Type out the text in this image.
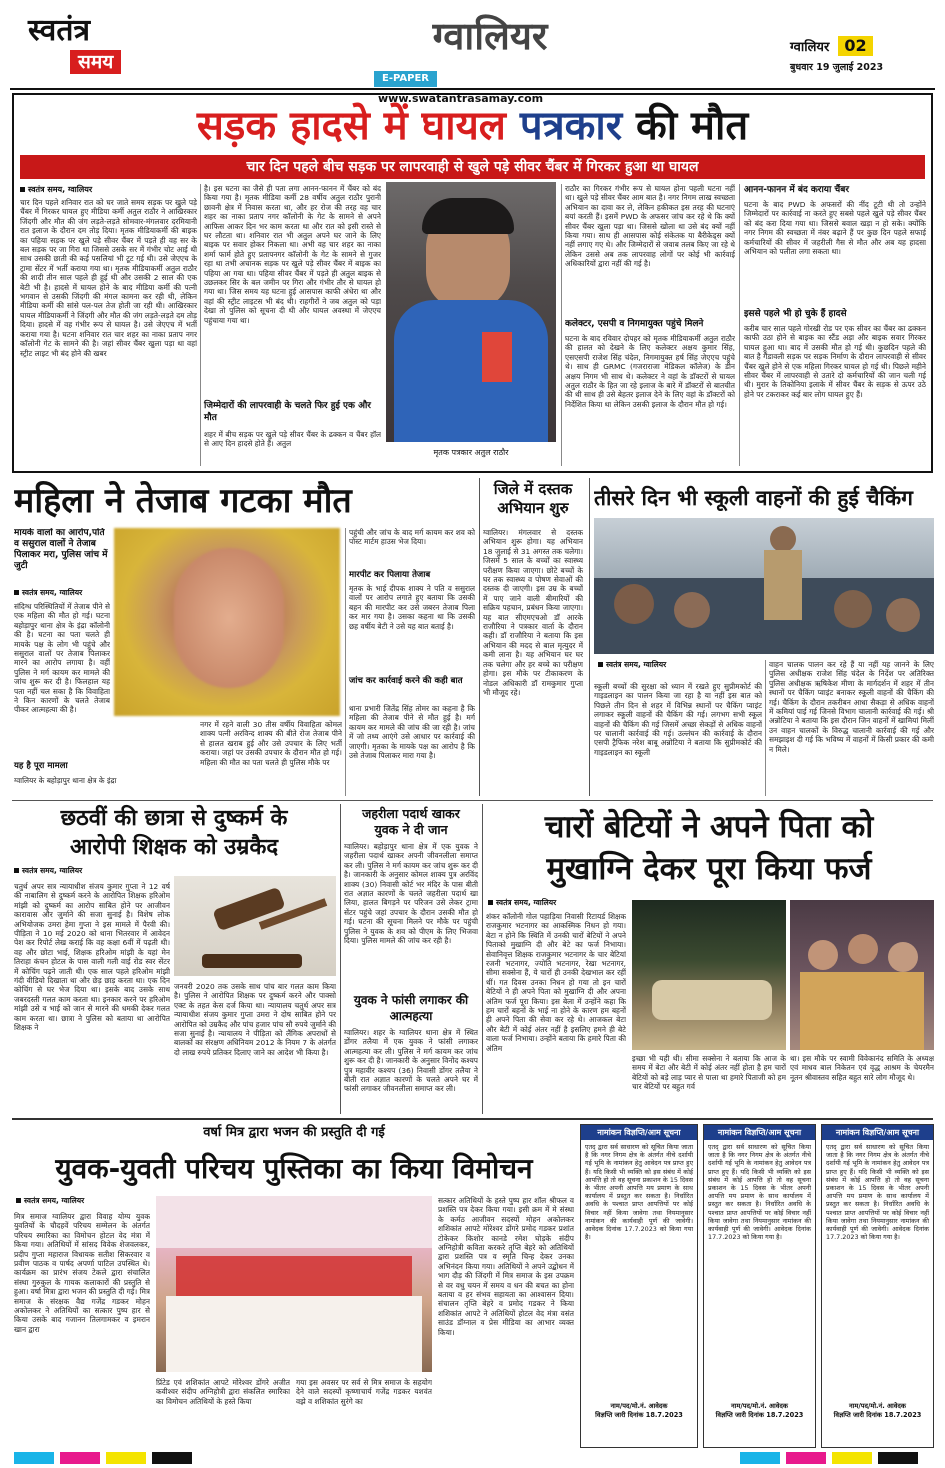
स्वतंत्र
समय
ग्वालियर
E-PAPER www.swatantrasamay.com
ग्वालियर 02
बुधवार 19 जुलाई 2023
सड़क हादसे में घायल पत्रकार की मौत
चार दिन पहले बीच सड़क पर लापरवाही से खुले पड़े सीवर चैंबर में गिरकर हुआ था घायल
स्वतंत्र समय, ग्वालियर
चार दिन पहले शनिवार रात को घर जाते समय सड़क पर खुले पड़े चैंबर में गिरकर घायल हुए मीडिया कर्मी अतुल राठौर ने आखिरकार जिंदगी और मौत की जंग लड़ते-लड़ते सोमवार-मंगलवार दरमियानी रात इलाज के दौरान दम तोड़ दिया। मृतक मीडियाकर्मी की बाइक का पहिया सड़क पर खुले पड़े सीवर चैंबर में पड़ते ही वह सर के बल सड़क पर जा गिरा था जिससे उसके सर में गंभीर चोट आई थी साथ उसकी छाती की कई पसलियां भी टूट गई थी। उसे जेएएच के ट्रामा सेंटर में भर्ती कराया गया था। मृतक मीडियाकर्मी अतुल राठौर की शादी तीन साल पहले ही हुई थी और उसकी 2 साल की एक बेटी भी है। हादसे में घायल होने के बाद मीडिया कर्मी की पत्नी भगवान से उसकी जिंदगी की मंगल कामना कर रही थी, लेकिन मीडिया कर्मी की सांसे पल-पल तेज होती जा रही थी। आखिरकार घायल मीडियाकर्मी ने जिंदगी और मौत की जंग लड़ते-लड़ते दम तोड़ दिया। हादसे में वह गंभीर रूप से घायल है। उसे जेएएच में भर्ती कराया गया है। घटना शनिवार रात चार शहर का नाका प्रताप नगर कॉलोनी गेट के सामने की है। जहां सीवर चैंबर खुला पड़ा था वहां स्ट्रीट लाइट भी बंद होने की खबर
है। इस घटना का जैसे ही पता लगा आनन-फानन में चैंबर को बंद किया गया है। मृतक मीडिया कर्मी 28 वर्षीय अतुल राठौर पुरानी छावनी क्षेत्र में निवास करता था, और हर रोज की तरह वह चार शहर का नाका प्रताप नगर कॉलोनी के गेट के सामने से अपने आफिस आकर दिन भर काम करता था और रात को इसी रास्ते से घर लौटता था। शनिवार रात भी अतुल अपने घर जाने के लिए बाइक पर सवार होकर निकला था। अभी वह चार शहर का नाका शर्मा फार्म होते हुए प्रतापनगर कॉलोनी के गेट के सामने से गुजर रहा था तभी अचानक सड़क पर खुले पड़े सीवर चैंबर में बाइक का पहिया आ गया था। पहिया सीवर चैंबर में पड़ते ही अतुल बाइक से उछलकर सिर के बल जमीन पर गिरा और गंभीर तौर से घायल हो गया था। जिस समय यह घटना हुई आसपास काफी अंधेरा था और वहां की स्ट्रीट लाइटस भी बंद थी। राहगीरों ने जब अतुल को पड़ा देखा तो पुलिस को सूचना दी थी और घायल अवस्था में जेएएच पहुंचाया गया था।
जिम्मेदारों की लापरवाही के चलते फिर हुई एक और मौत
शहर में बीच सड़क पर खुले पड़े सीवर चैंबर के ढक्कन व चैंबर हॉल से आए दिन हादसे होते हैं। अतुल
मृतक पत्रकार अतुल राठौर
राठौर का गिरकर गंभीर रूप से घायल होना पहली घटना नहीं था। खुले पड़े सीवर चैंबर आम बात है। नगर निगम लाख स्वच्छता अभियान का दावा कर ले, लेकिन हकीकत इस तरह की घटनाएं बयां करती हैं। इसमें PWD के अफसर जांच कर रहे थे कि क्यों सीवर चैंबर खुला पड़ा था। जिससे खोला था उसे बंद क्यों नहीं किया गया। साथ ही आसपास कोई संकेतक या बैरीकेड्स क्यों नहीं लगाए गए थे। और जिम्मेदारों से जवाब तलब किए जा रहे थे लेकिन उससे अब तक लापरवाह लोगों पर कोई भी कार्रवाई अधिकारियों द्वारा नहीं की गई है।
कलेक्टर, एसपी व निगमायुक्त पहुंचे मिलने
घटना के बाद रविवार दोपहर को मृतक मीडियाकर्मी अतुल राठौर की हालत को देखने के लिए कलेक्टर अक्षय कुमार सिंह, एसएसपी राजेश सिंह चंदेल, निगमायुक्त हर्ष सिंह जेएएच पहुंचे थे। साथ ही GRMC (गजराराजा मेडिकल कॉलेज) के डीन अक्षय निगम भी साथ थे। कलेक्टर ने वहां के डॉक्टरों से घायल अतुल राठौर के हित जा रहे इलाज के बारे में डॉक्टरों से बातचीत की थी साथ ही उसे बेहतर इलाज देने के लिए वहां के डॉक्टरों को निर्देशित किया था लेकिन उसकी इलाज के दौरान मौत हो गई।
आनन-फानन में बंद कराया चैंबर
घटना के बाद PWD के अफसरों की नींद टूटी थी तो उन्होंने जिम्मेदारों पर कार्रवाई ना करते हुए सबसे पहले खुले पड़े सीवर चैंबर को बंद करा दिया गया था। जिससे बवाल खड़ा न हो सके। क्योंकि नगर निगम की स्वच्छता में नंबर बढ़ाने हैं पर कुछ दिन पहले सफाई कर्मचारियों की सीवर में जहरीली गैस से मौत और अब यह हादसा अभियान को पलीता लगा सकता था।
इससे पहले भी हो चुके हैं हादसे
करीब चार साल पहले गोरखी रोड पर एक सीवर का चैंबर का ढक्कन काफी उठा होने से बाइक का स्टैंड अड़ा और बाइक सवार गिरकर घायल हुआ था। बाद में उसकी मौत हो गई थी। कुछदिन पहले की बात है गैंडावली सड़क पर सड़क निर्माण के दौरान लापरवाही से सीवर चैंबर खुले होने से एक महिला गिरकर घायल हो गई थी। पिछले महीने सीवर चैंबर में लापरवाही से उतारे दो कर्मचारियों की जान चली गई थी। मुरार के तिकोनिया इलाके में सीवर चैंबर के सड़क से ऊपर उठे होने पर टकराकर कई बार लोग घायल हुए हैं।
महिला ने तेजाब गटका मौत
मायके वालों का आरोप,पति व ससुराल वालों ने तेजाब पिलाकर मरा, पुलिस जांच में जुटी
स्वतंत्र समय, ग्वालियर
संदिग्ध परिस्थितियों में तेजाब पीने से एक महिला की मौत हो गई। घटना बहोड़ापुर थाना क्षेत्र के इंद्रा कॉलोनी की है। घटना का पता चलते ही मायके पक्ष के लोग भी पहुंचे और ससुराल वालों पर तेजाब पिलाकर मारने का आरोप लगाया है। वहीं पुलिस ने मर्ग कायम कर मामले की जांच शुरू कर दी है। फिलहाल यह पता नहीं चल सका है कि विवाहिता ने किन कारणों के चलते तेजाब पीकर आत्महत्या की है।
यह है पूरा मामला
ग्वालियर के बहोड़ापुर थाना क्षेत्र के इंद्रा
नगर में रहने वाली 30 तीस वर्षीय विवाहिता कोमल शाक्य पत्नी अरविन्द शाक्य की बीते रोज तेजाब पीने से हालत खराब हुई और उसे उपचार के लिए भर्ती कराया। जहां पर उसकी उपचार के दौरान मौत हो गई। महिला की मौत का पता चलते ही पुलिस मौके पर
पहुंची और जांच के बाद मर्ग कायम कर शव को पोस्ट मार्टम हाउस भेज दिया।
मारपीट कर पिलाया तेजाब
मृतक के भाई दीपक शाक्य ने पति व ससुराल वालों पर आरोप लगाते हुए बताया कि उसकी बहन की मारपीट कर उसे जबरन तेजाब पिला कर मार गया है। उसका कहना था कि उसकी छह वर्षीय बेटी ने उसे यह बात बताई है।
जांच कर कार्रवाई करने की कही बात
थाना प्रभारी जितेंद्र सिंह तोमर का कहना है कि महिला की तेजाब पीने से मौत हुई है। मर्ग कायम कर मामले की जांच की जा रही है। जांच में जो तथ्य आएंगे उसे आधार पर कार्रवाई की जाएगी। मृतका के मायके पक्ष का आरोप है कि उसे तेजाब पिलाकर मारा गया है।
जिले में दस्तक
अभियान शुरु
ग्वालियर। मंगलवार से दस्तक अभियान शुरू होगा। यह अभियान 18 जुलाई से 31 अगस्त तक चलेगा। जिसमें 5 साल के बच्चों का स्वास्थ्य परीक्षण किया जाएगा। छोटे बच्चों के घर तक स्वास्थ्य व पोषण सेवाओं की दस्तक दी जाएगी। इस उम्र के बच्चों में पाए जाने वाली बीमारियों की सक्रिय पहचान, प्रबंधन किया जाएगा। यह बात सीएमएचओ डॉ आरके राजौरिया ने पत्रकार वार्ता के दौरान कही। डॉ राजौरिया ने बताया कि इस अभियान की मदद से बाल मृत्युदर में कमी लाना है। यह अभियान घर घर तक चलेगा और हर बच्चे का परीक्षण होगा। इस मौके पर टीकाकरण के नोडल अधिकारी डॉ रामकुमार गुप्ता भी मौजूद रहे।
तीसरे दिन भी स्कूली वाहनों की हुई चैकिंग
स्वतंत्र समय, ग्वालियर
स्कूली बच्चों की सुरक्षा को ध्यान में रखते हुए सुप्रीमकोर्ट की गाइडलाइन का पालन किया जा रहा है या नहीं इस बात को पिछले तीन दिन से शहर में विभिन्न स्थानों पर चैकिंग प्वाइंट लगाकर स्कूली वाहनों की चैकिंग की गई। लगभग सभी स्कूल वाहनों की चैकिंग की गई जिसमें अच्छा सेकड़ों से अधिक वाहनों पर चालानी कार्रवाई की गई। उल्लंघन की कार्रवाई के दौरान एसपी ट्रैफिक नरेश बाबू अन्नोटिया ने बताया कि सुप्रीमकोर्ट की गाइडलाइन का स्कूली
वाहन चालक पालन कर रहे हैं या नहीं यह जानने के लिए पुलिस अधीक्षक राजेश सिंह चंदेल के निर्देश पर अतिरिक्त पुलिस अधीक्षक ऋषिकेश मीणा के मार्गदर्शन में शहर में तीन स्थानों पर चैकिंग प्वाइंट बनाकर स्कूली वाहनों की चैकिंग की गई। चैकिंग के दौरान तकरीबन आधा सैकड़ा से अधिक वाहनों में कमियां पाई गई जिनसे विभाग चालानी कार्रवाई की गई। श्री अन्नोटिया ने बताया कि इस दौरान जिन वाहनों में खामियां मिलीं उन वाहन चालकों के विरुद्ध चालानी कार्रवाई की गई और समझाइश दी गई कि भविष्य में वाहनों में किसी प्रकार की कमी न मिले।
छठवीं की छात्रा से दुष्कर्म के
आरोपी शिक्षक को उम्रकैद
स्वतंत्र समय, ग्वालियर
चतुर्थ अपर सत्र न्यायाधीश संजय कुमार गुप्ता ने 12 वर्ष की नाबालिग से दुष्कर्म करने के आरोपित शिक्षक हरिओम मांझी को दुष्कर्म का आरोप साबित होने पर आजीवन कारावास और जुर्माने की सजा सुनाई है। विशेष लोक अभियोजक उमरा हेमा गुप्ता ने इस मामले में पैरवी की। पीड़िता ने 10 मई 2020 को थाना भितरवार में आवेदन पेश कर रिपोर्ट लेख कराई कि वह कक्षा 6वीं में पढ़ती थी। वह और छोटा भाई, शिक्षक हरिओम मांझी के यहां मेन तिराहा कंचन होटल के पास वाली गली वाई रोड स्वर सेंटर में कोचिंग पढ़ने जाती थी। एक साल पहले हरिओम मांझी गंदी वीडियो दिखाता था और छेड़ छाड़ करता था। एक दिन कोचिंग से घर भेज दिया था। इसके बाद उसके साथ जबरदस्ती गलत काम करता था। इनकार करने पर हरिओम मांझी उसे व भाई को जान से मारने की धमकी देकर गलत काम करता था। छात्रा ने पुलिस को बताया था आरोपित शिक्षक ने
जनवरी 2020 तक उसके साथ पांच बार गलत काम किया है। पुलिस ने आरोपित शिक्षक पर दुष्कर्म करने और पाक्सो एक्ट के तहत केस दर्ज किया था। न्यायालय चतुर्थ अपर सत्र न्यायाधीश संजय कुमार गुप्ता उमरा ने दोष साबित होने पर आरोपित को उम्रकैद और पांच हजार पांच सौ रुपये जुर्माने की सजा सुनाई है। न्यायालय ने पीड़िता को लैंगिक अपराधों से बालकों का संरक्षण अधिनियम 2012 के नियम 7 के अंतर्गत दो लाख रुपये प्रतिकर दिलाए जाने का आदेश भी किया है।
जहरीला पदार्थ खाकर
युवक ने दी जान
ग्वालियर। बहोड़ापुर थाना क्षेत्र में एक युवक ने जहरीला पदार्थ खाकर अपनी जीवनलीला समाप्त कर ली। पुलिस ने मर्ग कायम कर जांच शुरू कर दी है। जानकारी के अनुसार कोमल शाक्य पुत्र अरविंद शाक्य (30) निवासी कोर्ट भर मंदिर के पास बीती रात अज्ञात कारणों के चलते जहरीला पदार्थ खा लिया, हालत बिगड़ने पर परिजन उसे लेकर ट्रामा सेंटर पहुंचे जहां उपचार के दौरान उसकी मौत हो गई। घटना की सूचना मिलने पर मौके पर पहुंची पुलिस ने युवक के शव को पीएम के लिए भिजवा दिया। पुलिस मामले की जांच कर रही है।
युवक ने फांसी लगाकर की आत्महत्या
ग्वालियर। शहर के ग्वालियर थाना क्षेत्र में स्थित डोंगर तलैया में एक युवक ने फांसी लगाकर आत्महत्या कर ली। पुलिस ने मर्ग कायम कर जांच शुरू कर दी है। जानकारी के अनुसार विनोद कश्यप पुत्र महावीर कश्यप (36) निवासी डोंगर तलैया ने बीती रात अज्ञात कारणों के चलते अपने घर में फांसी लगाकर जीवनलीला समाप्त कर ली।
चारों बेटियों ने अपने पिता को
मुखाग्नि देकर पूरा किया फर्ज
स्वतंत्र समय, ग्वालियर
शंकर कॉलोनी गोल पहाड़िया निवासी रिटायर्ड शिक्षक राजकुमार भटनागर का आकस्मिक निधन हो गया। बेटा न होने कि स्थिति में उनकी चारों बेटियों ने अपने पिताको मुखाग्नि दी और बेटे का फर्ज निभाया। सेवानिवृत्त शिक्षक राजकुमार भटनागर के चार बेटियां रजनी भटनागर, ज्योति भटनागर, रेखा भटनागर, सीमा सक्सेना हैं, ये चारों ही उनकी देखभाल कर रहीं थीं। गत दिवस उनका निधन हो गया तो इन चारों बेटियों ने ही अपने पिता को मुखाग्नि दी और अपना अंतिम फर्ज पूरा किया। इस बेला में उन्होंने कहा कि हम चारों बहनों के भाई ना होने के कारण हम बहनों ही अपने पिता की सेवा कर रहे थे। आजकल बेटा और बेटी में कोई अंतर नहीं है इसलिए हमने ही बेटे वाला फर्ज निभाया। उन्होंने बताया कि हमारे पिता की अंतिम
इच्छा भी यही थी। सीमा सक्सेना ने बताया कि आज के समय में बेटा और बेटी में कोई अंतर नहीं होता है हम चारों बेटियों को बड़े लाड़ प्यार से पाला था हमारे पिताजी को हम चार बेटियों पर बहुत गर्व
था। इस मौके पर स्वामी विवेकानंद समिति के अध्यक्ष एवं माधव बाल निकेतन एवं वृद्ध आश्रम के चेयरमैन नूतन श्रीवास्तव सहित बहुत सारे लोग मौजूद थे।
वर्षा मित्र द्वारा भजन की प्रस्तुति दी गई
युवक-युवती परिचय पुस्तिका का किया विमोचन
स्वतंत्र समय, ग्वालियर
मित्र समाज ग्वालियर द्वारा विवाह योग्य युवक युवतियों के चौदहवें परिचय सम्मेलन के अंतर्गत परिचय स्मारिका का विमोचन होटल वेद मंत्रा में किया गया। अतिथियों में सांसद विवेक शेजवलकर, प्रदीप गुप्ता महाराज विधायक सतीश सिकरवार व प्रवीण पाठक व पार्षद अपर्णा पाटिल उपस्थित थे। कार्यक्रम का प्रारंभ संजय टेकले द्वारा संचालित संस्था गुरुकुल के गायक कलाकारों की प्रस्तुति से हुआ। वर्षा मित्रा द्वारा भजन की प्रस्तुति दी गई। मित्र समाज के संरक्षक वैद्य गजेंद्र गडकर मोहन अकोलकर ने अतिथियों का सत्कार पुष्प हार से किया उसके बाद गजानन तिलगामकर व इमरान खान द्वारा
प्रिंटेड एवं शशिकांत आपटे मोरेश्वर डोंगरे अजीत कवीश्वर संदीप अग्निहोत्री द्वारा संकलित स्मारिका का विमोचन अतिथियों के हस्ते किया
गया इस अवसर पर सर्व से मित्र समाज के सहयोग देने वाले सदस्यों कृष्णाचार्य गजेंद्र गडकर यशवंत वझे व शशिकांत सुरंगे का
सत्कार अतिथियों के हस्ते पुष्प हार शॉल श्रीफल व प्रशस्ति पत्र देकर किया गया। इसी क्रम में मे संस्था के कर्मठ आजीवन सदस्यों मोहन अकोलकर शशिकांत आपटे मोरेश्वर डोंगरे प्रमोद गडकर प्रशांत टोकेकर किशोर कानडे रमेश घोड़के संदीप अग्निहोत्री कविता करकरे तृप्ति बेहरे को अतिथियों द्वारा प्रशस्ति पत्र व स्मृति चिन्ह देकर उनका अभिनंदन किया गया। अतिथियों ने अपने उद्बोधन में भाग दौड़ की जिंदगी में मित्र समाज के इस उपक्रम से वर वधु चयन में समय व धन की बचत का होना बताया व हर संभव सहायता का आश्वासन दिया। संचालन तृप्ति बेहरे व प्रमोद गडकर ने किया शशिकांत आपटे ने अतिथियों होटल वेद मंत्रा वसंत साउंड डॉग्नाल व प्रेस मीडिया का आभार व्यक्त किया।
नामांकन विज्ञप्ति/आम सूचना
एतद् द्वारा सर्व साधारण को सूचित किया जाता है कि नगर निगम क्षेत्र के अंतर्गत नीचे दर्शायी गई भूमि के नामांकन हेतु आवेदन पत्र प्राप्त हुए हैं। यदि किसी भी व्यक्ति को इस संबंध में कोई आपत्ति हो तो वह सूचना प्रकाशन के 15 दिवस के भीतर अपनी आपत्ति मय प्रमाण के साथ कार्यालय में प्रस्तुत कर सकता है। निर्धारित अवधि के पश्चात प्राप्त आपत्तियों पर कोई विचार नहीं किया जावेगा तथा नियमानुसार नामांकन की कार्यवाही पूर्ण की जावेगी। आवेदक दिनांक 17.7.2023 को किया गया है।
नाम/पद/मो.नं. आवेदक
विज्ञप्ति जारी दिनांक 18.7.2023
नामांकन विज्ञप्ति/आम सूचना
एतद् द्वारा सर्व साधारण को सूचित किया जाता है कि नगर निगम क्षेत्र के अंतर्गत नीचे दर्शायी गई भूमि के नामांकन हेतु आवेदन पत्र प्राप्त हुए हैं। यदि किसी भी व्यक्ति को इस संबंध में कोई आपत्ति हो तो वह सूचना प्रकाशन के 15 दिवस के भीतर अपनी आपत्ति मय प्रमाण के साथ कार्यालय में प्रस्तुत कर सकता है। निर्धारित अवधि के पश्चात प्राप्त आपत्तियों पर कोई विचार नहीं किया जावेगा तथा नियमानुसार नामांकन की कार्यवाही पूर्ण की जावेगी। आवेदक दिनांक 17.7.2023 को किया गया है।
नाम/पद/मो.नं. आवेदक
विज्ञप्ति जारी दिनांक 18.7.2023
नामांकन विज्ञप्ति/आम सूचना
एतद् द्वारा सर्व साधारण को सूचित किया जाता है कि नगर निगम क्षेत्र के अंतर्गत नीचे दर्शायी गई भूमि के नामांकन हेतु आवेदन पत्र प्राप्त हुए हैं। यदि किसी भी व्यक्ति को इस संबंध में कोई आपत्ति हो तो वह सूचना प्रकाशन के 15 दिवस के भीतर अपनी आपत्ति मय प्रमाण के साथ कार्यालय में प्रस्तुत कर सकता है। निर्धारित अवधि के पश्चात प्राप्त आपत्तियों पर कोई विचार नहीं किया जावेगा तथा नियमानुसार नामांकन की कार्यवाही पूर्ण की जावेगी। आवेदक दिनांक 17.7.2023 को किया गया है।
नाम/पद/मो.नं. आवेदक
विज्ञप्ति जारी दिनांक 18.7.2023
